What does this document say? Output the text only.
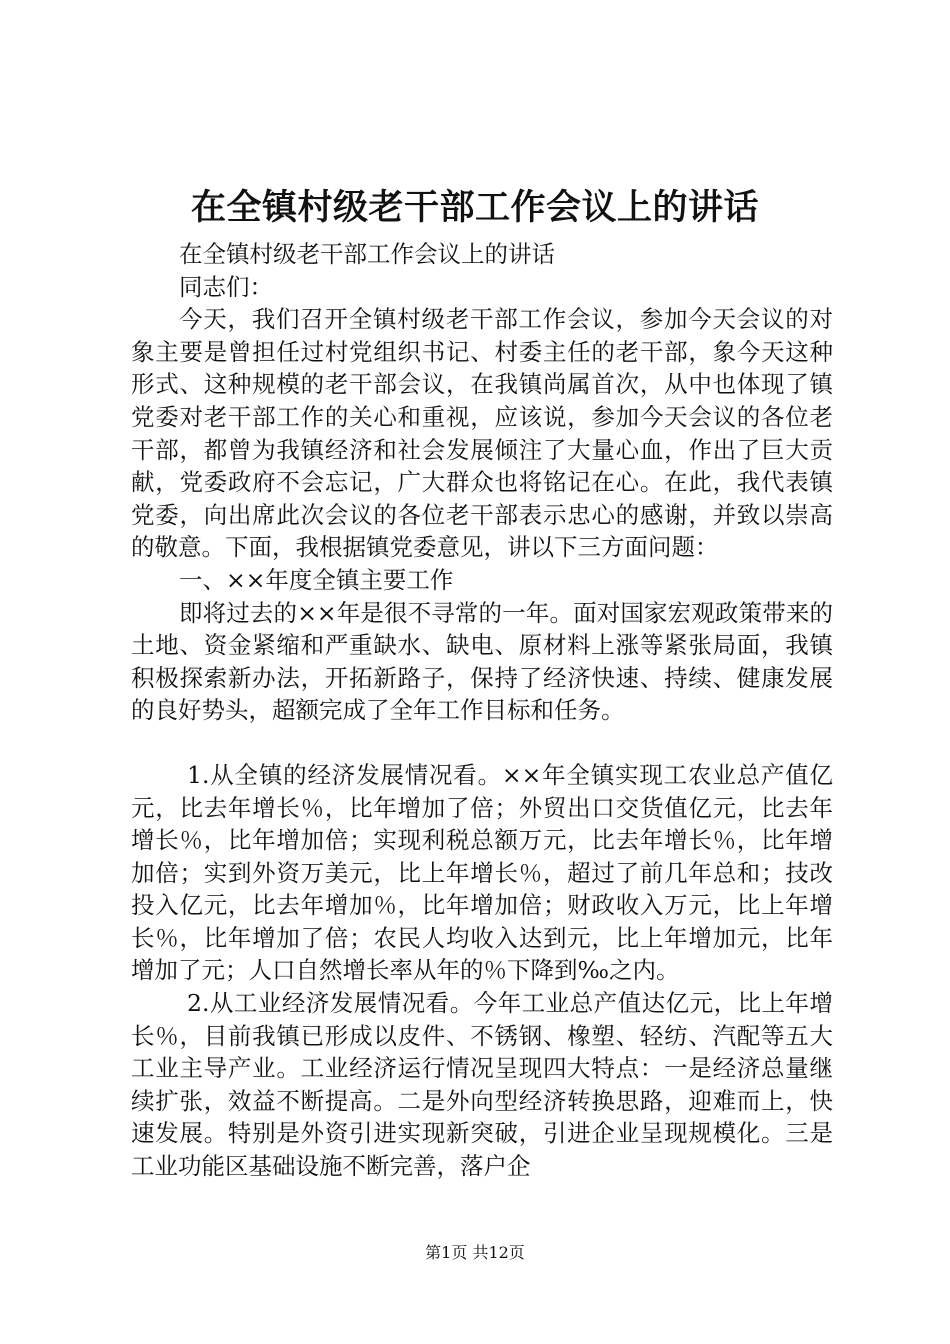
在全镇村级老干部工作会议上的讲话

在全镇村级老干部工作会议上的讲话

同志们：

今天，我们召开全镇村级老干部工作会议，参加今天会议的对象主要是曾担任过村党组织书记、村委主任的老干部，象今天这种形式、这种规模的老干部会议，在我镇尚属首次，从中也体现了镇党委对老干部工作的关心和重视，应该说，参加今天会议的各位老干部，都曾为我镇经济和社会发展倾注了大量心血，作出了巨大贡献，党委政府不会忘记，广大群众也将铭记在心。在此，我代表镇党委，向出席此次会议的各位老干部表示忠心的感谢，并致以崇高的敬意。下面，我根据镇党委意见，讲以下三方面问题：

一、××年度全镇主要工作

即将过去的××年是很不寻常的一年。面对国家宏观政策带来的土地、资金紧缩和严重缺水、缺电、原材料上涨等紧张局面，我镇积极探索新办法，开拓新路子，保持了经济快速、持续、健康发展的良好势头，超额完成了全年工作目标和任务。

1.从全镇的经济发展情况看。××年全镇实现工农业总产值亿元，比去年增长％，比年增加了倍；外贸出口交货值亿元，比去年增长％，比年增加倍；实现利税总额万元，比去年增长％，比年增加倍；实到外资万美元，比上年增长％，超过了前几年总和；技改投入亿元，比去年增加％，比年增加倍；财政收入万元，比上年增长％，比年增加了倍；农民人均收入达到元，比上年增加元，比年增加了元；人口自然增长率从年的％下降到‰之内。

2.从工业经济发展情况看。今年工业总产值达亿元，比上年增长％，目前我镇已形成以皮件、不锈钢、橡塑、轻纺、汽配等五大工业主导产业。工业经济运行情况呈现四大特点：一是经济总量继续扩张，效益不断提高。二是外向型经济转换思路，迎难而上，快速发展。特别是外资引进实现新突破，引进企业呈现规模化。三是工业功能区基础设施不断完善，落户企

第1页 共12页
